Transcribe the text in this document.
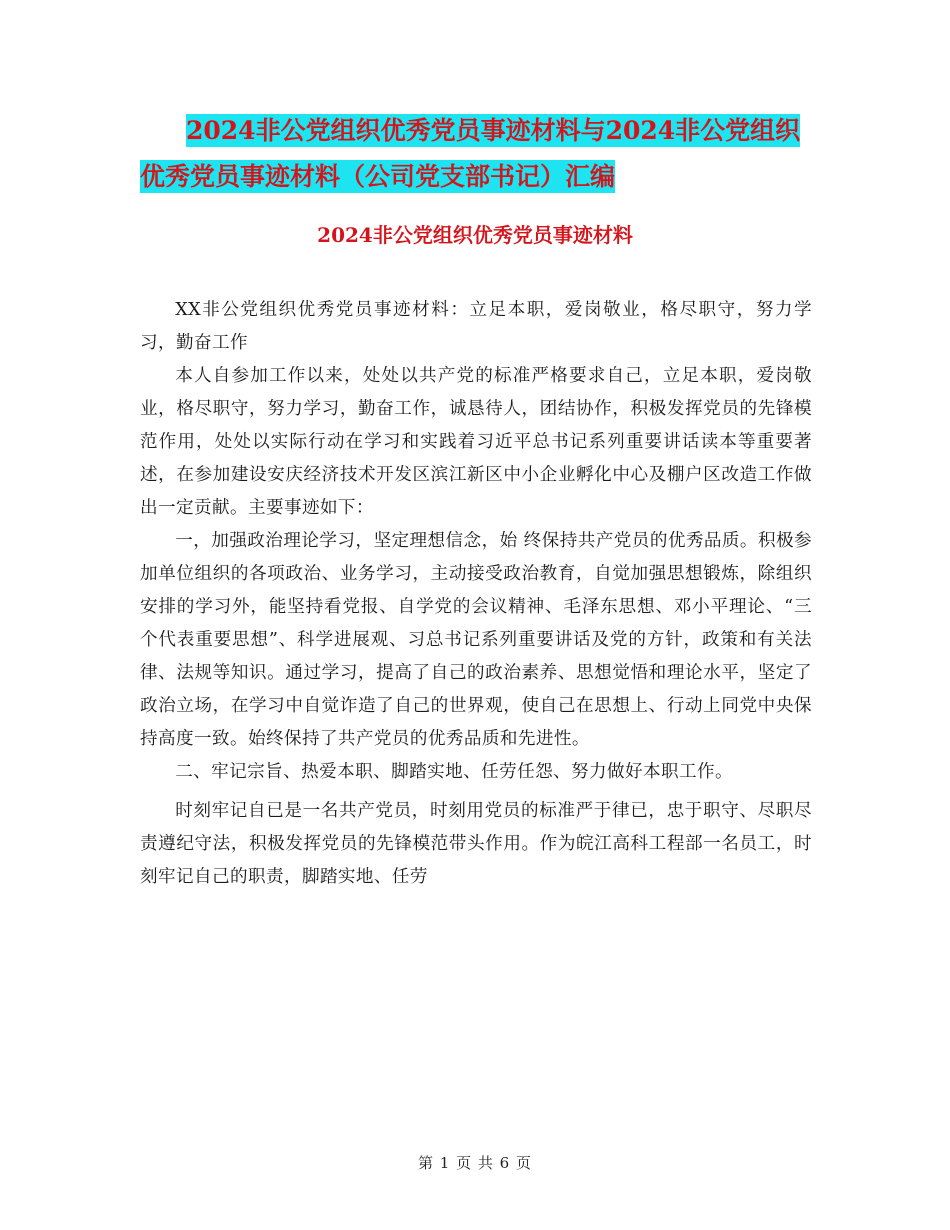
2024非公党组织优秀党员事迹材料与2024非公党组织
优秀党员事迹材料（公司党支部书记）汇编
2024非公党组织优秀党员事迹材料

XX非公党组织优秀党员事迹材料：立足本职，爱岗敬业，格尽职守，努力学习，勤奋工作

本人自参加工作以来，处处以共产党的标准严格要求自己，立足本职，爱岗敬业，格尽职守，努力学习，勤奋工作，诚恳待人，团结协作，积极发挥党员的先锋模范作用，处处以实际行动在学习和实践着习近平总书记系列重要讲话读本等重要著述，在参加建设安庆经济技术开发区滨江新区中小企业孵化中心及棚户区改造工作做出一定贡献。主要事迹如下：

一，加强政治理论学习，坚定理想信念，始 终保持共产党员的优秀品质。积极参加单位组织的各项政治、业务学习，主动接受政治教育，自觉加强思想锻炼，除组织安排的学习外，能坚持看党报、自学党的会议精神、毛泽东思想、邓小平理论、“三个代表重要思想”、科学进展观、习总书记系列重要讲话及党的方针，政策和有关法律、法规等知识。通过学习，提高了自己的政治素养、思想觉悟和理论水平，坚定了政治立场，在学习中自觉诈造了自己的世界观，使自己在思想上、行动上同党中央保持高度一致。始终保持了共产党员的优秀品质和先进性。

二、牢记宗旨、热爱本职、脚踏实地、任劳任怨、努力做好本职工作。

时刻牢记自已是一名共产党员，时刻用党员的标准严于律已，忠于职守、尽职尽责遵纪守法，积极发挥党员的先锋模范带头作用。作为皖江高科工程部一名员工，时刻牢记自己的职责，脚踏实地、任劳

第 1 页 共 6 页
